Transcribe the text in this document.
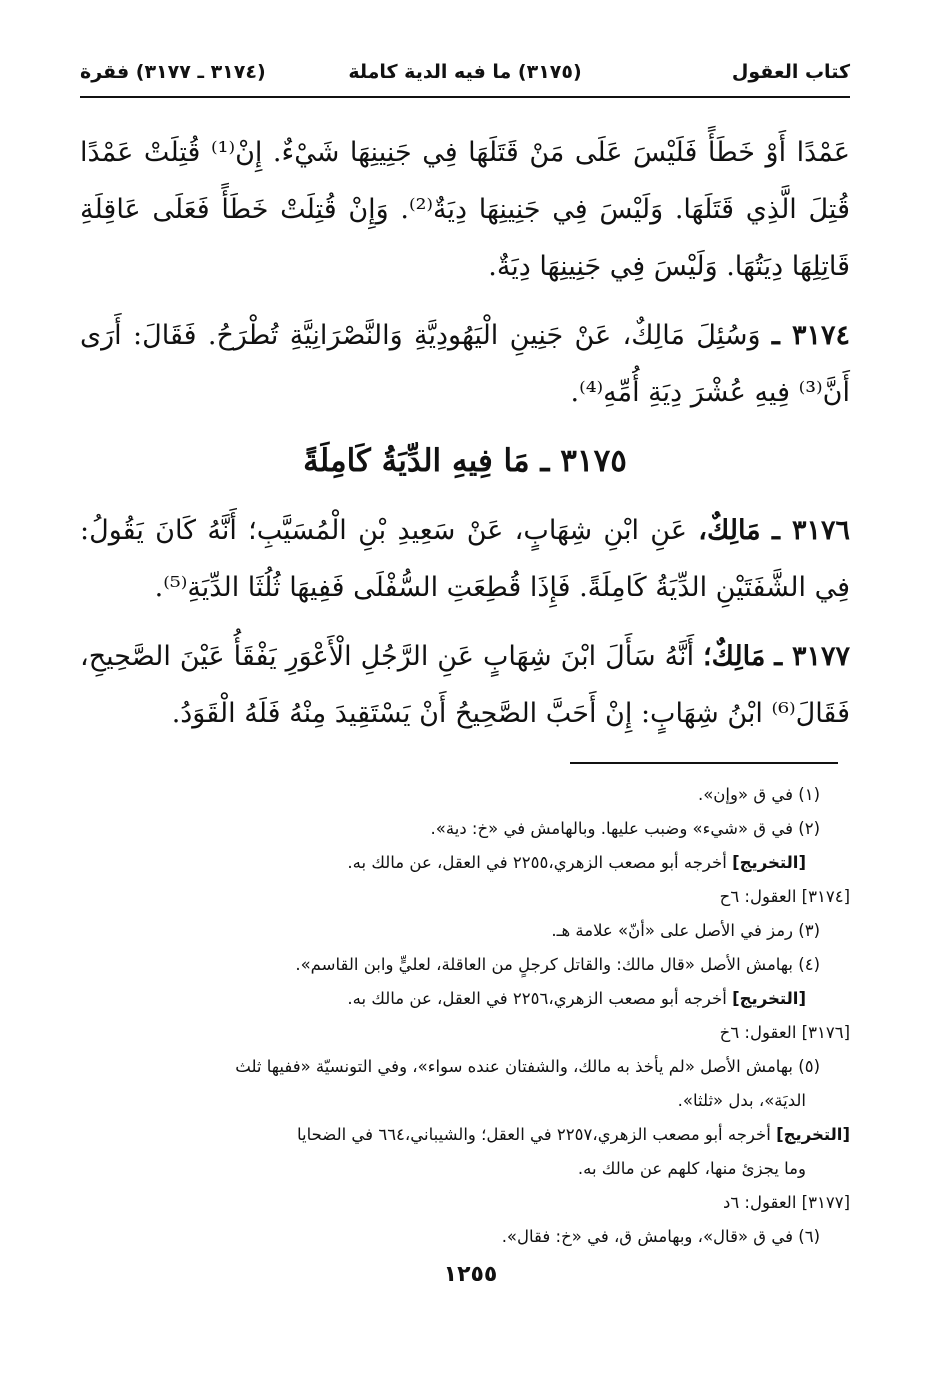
كتاب العقول
(٣١٧٥) ما فيه الدية كاملة
(٣١٧٤ ـ ٣١٧٧) فقرة

عَمْدًا أَوْ خَطَأً فَلَيْسَ عَلَى مَنْ قَتَلَهَا فِي جَنِينِهَا شَيْءٌ. إِنْ⁽¹⁾ قُتِلَتْ عَمْدًا قُتِلَ الَّذِي قَتَلَهَا. وَلَيْسَ فِي جَنِينِهَا دِيَةٌ⁽²⁾. وَإِنْ قُتِلَتْ خَطَأً فَعَلَى عَاقِلَةِ قَاتِلِهَا دِيَتُهَا. وَلَيْسَ فِي جَنِينِهَا دِيَةٌ.

٣١٧٤ ـ وَسُئِلَ مَالِكٌ، عَنْ جَنِينِ الْيَهُودِيَّةِ وَالنَّصْرَانِيَّةِ تُطْرَحُ. فَقَالَ: أَرَى أَنَّ⁽³⁾ فِيهِ عُشْرَ دِيَةِ أُمِّهِ⁽⁴⁾.

٣١٧٥ ـ مَا فِيهِ الدِّيَةُ كَامِلَةً

٣١٧٦ ـ مَالِكٌ، عَنِ ابْنِ شِهَابٍ، عَنْ سَعِيدِ بْنِ الْمُسَيَّبِ؛ أَنَّهُ كَانَ يَقُولُ: فِي الشَّفَتَيْنِ الدِّيَةُ كَامِلَةً. فَإِذَا قُطِعَتِ السُّفْلَى فَفِيهَا ثُلُثَا الدِّيَةِ⁽⁵⁾.

٣١٧٧ ـ مَالِكٌ؛ أَنَّهُ سَأَلَ ابْنَ شِهَابٍ عَنِ الرَّجُلِ الْأَعْوَرِ يَفْقَأُ عَيْنَ الصَّحِيحِ، فَقَالَ⁽⁶⁾ ابْنُ شِهَابٍ: إِنْ أَحَبَّ الصَّحِيحُ أَنْ يَسْتَقِيدَ مِنْهُ فَلَهُ الْقَوَدُ.

(١) في ق «وإن».
(٢) في ق «شيء» وضبب عليها. وبالهامش في «خ: دية».
[التخريج] أخرجه أبو مصعب الزهري،٢٢٥٥ في العقل، عن مالك به.
[٣١٧٤] العقول: ٦ح
(٣) رمز في الأصل على «أنّ» علامة هـ.
(٤) بهامش الأصل «قال مالك: والقاتل كرجلٍ من العاقلة، لعليٍّ وابن القاسم».
[التخريج] أخرجه أبو مصعب الزهري،٢٢٥٦ في العقل، عن مالك به.
[٣١٧٦] العقول: ٦خ
(٥) بهامش الأصل «لم يأخذ به مالك، والشفتان عنده سواء»، وفي التونسيّة «ففيها ثلث
الديَة»، بدل «ثلثا».
[التخريج] أخرجه أبو مصعب الزهري،٢٢٥٧ في العقل؛ والشيباني،٦٦٤ في الضحايا
وما يجزئ منها، كلهم عن مالك به.
[٣١٧٧] العقول: ٦د
(٦) في ق «قال»، وبهامش ق، في «خ: فقال».
١٢٥٥
